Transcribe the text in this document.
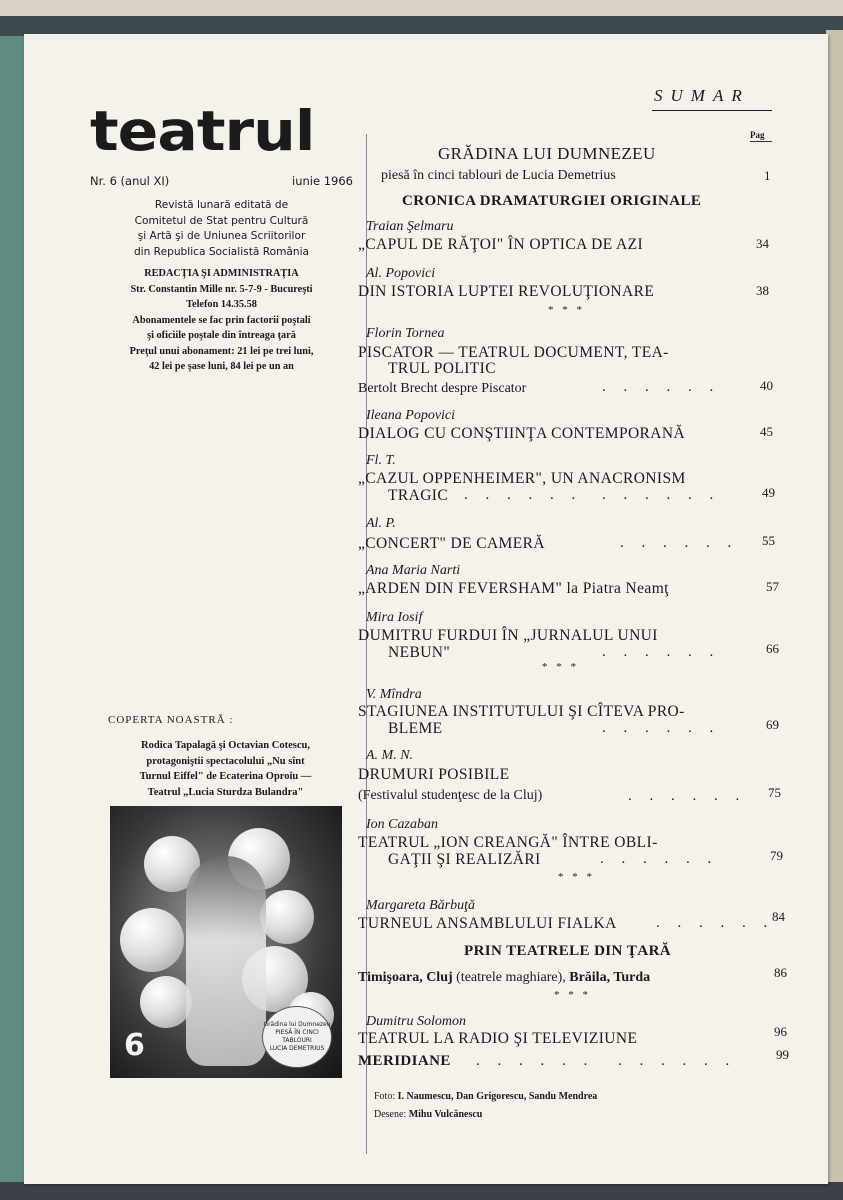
teatrul
Nr. 6 (anul XI)	iunie 1966
Revistă lunară editată de
Comitetul de Stat pentru Cultură
şi Artă şi de Uniunea Scriitorilor
din Republica Socialistă România
REDACŢIA ŞI ADMINISTRAŢIA
Str. Constantin Mille nr. 5-7-9 - Bucureşti
Telefon 14.35.58
Abonamentele se fac prin factorii poştali
şi oficiile poştale din întreaga ţară
Preţul unui abonament: 21 lei pe trei luni,
42 lei pe şase luni, 84 lei pe un an
COPERTA NOASTRĂ :
Rodica Tapalagă şi Octavian Cotescu,
protagoniştii spectacolului „Nu sînt
Turnul Eiffel" de Ecaterina Oproiu —
Teatrul „Lucia Sturdza Bulandra"
Grădina lui Dumnezeu
PIESĂ ÎN CINCI TABLOURI
LUCIA DEMETRIUS
6
SUMAR
Pag
GRĂDINA LUI DUMNEZEU
piesă în cinci tablouri de Lucia Demetrius	1
CRONICA DRAMATURGIEI ORIGINALE
Traian Şelmaru
„CAPUL DE RĂŢOI" ÎN OPTICA DE AZI	34
Al. Popovici
DIN ISTORIA LUPTEI REVOLUŢIONARE	38
* * *
Florin Tornea
PISCATOR — TEATRUL DOCUMENT, TEA-
TRUL POLITIC
Bertolt Brecht despre Piscator	. . . . . .	40
Ileana Popovici
DIALOG CU CONŞTIINŢA CONTEMPORANĂ	45
Fl. T.
„CAZUL OPPENHEIMER", UN ANACRONISM
TRAGIC . . . . . . . . . . . .	49
Al. P.
„CONCERT" DE CAMERĂ	. . . . . . 55
Ana Maria Narti
„ARDEN DIN FEVERSHAM" la Piatra Neamţ	57
Mira Iosif
DUMITRU FURDUI ÎN „JURNALUL UNUI
NEBUN"	. . . . . .	66
* * *
V. Mîndra
STAGIUNEA INSTITUTULUI ŞI CÎTEVA PRO-
BLEME	. . . . . .	69
A. M. N.
DRUMURI POSIBILE
(Festivalul studenţesc de la Cluj)	. . . . . . 75
Ion Cazaban
TEATRUL „ION CREANGĂ" ÎNTRE OBLI-
GAŢII ŞI REALIZĂRI	. . . . . .	79
* * *
Margareta Bărbuţă
TURNEUL ANSAMBLULUI FIALKA	. . . . . .
84
PRIN TEATRELE DIN ŢARĂ
Timişoara, Cluj (teatrele maghiare), Brăila, Turda	86
* * *
Dumitru Solomon
TEATRUL LA RADIO ŞI TELEVIZIUNE	96
MERIDIANE . . . . . . . . . . . .	99
Foto: I. Naumescu, Dan Grigorescu, Sandu Mendrea
Desene: Mihu Vulcănescu
